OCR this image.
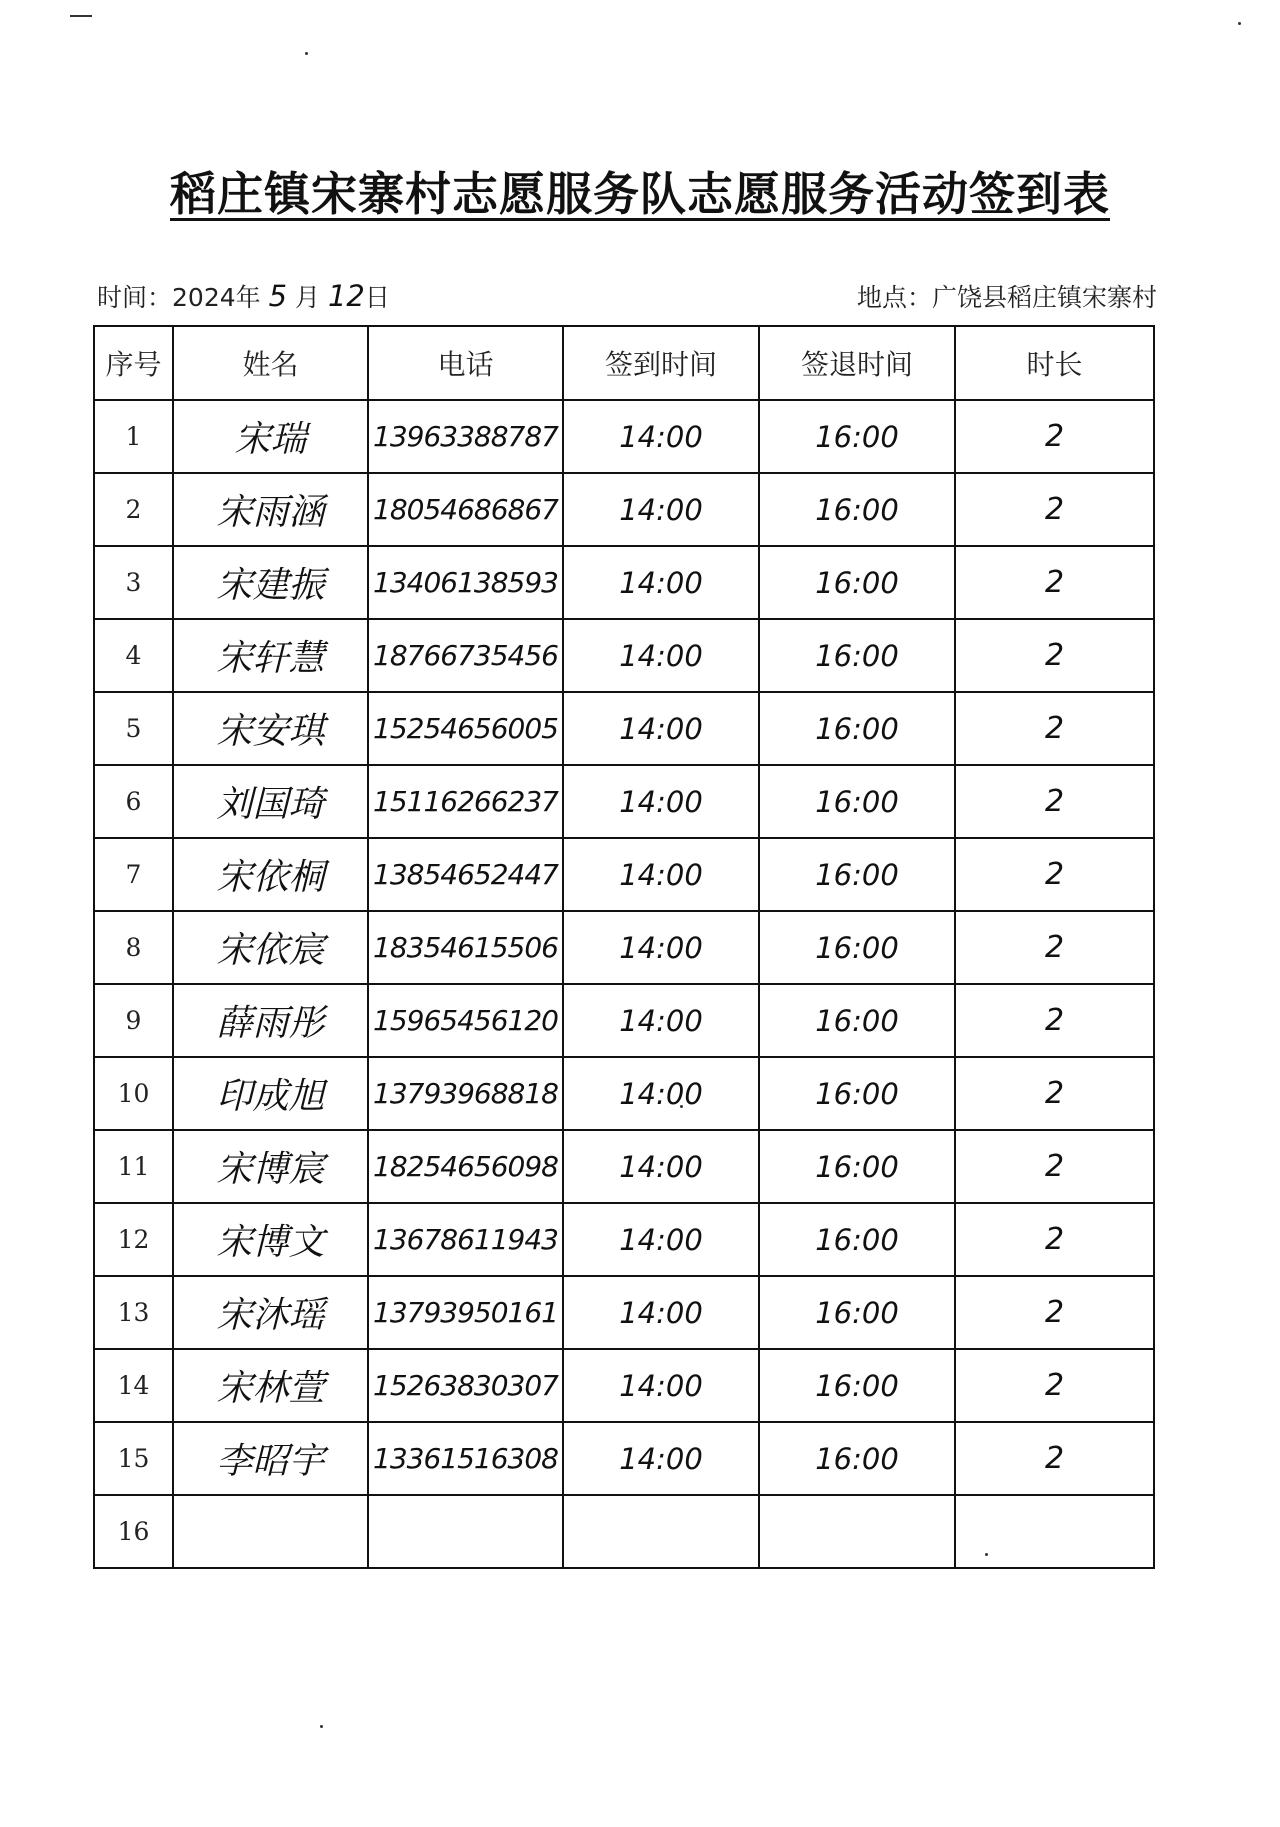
稻庄镇宋寨村志愿服务队志愿服务活动签到表
时间：2024年 5 月 12日	地点：广饶县稻庄镇宋寨村
序号	姓名	电话	签到时间	签退时间	时长
1	宋瑞	13963388787	14:00	16:00	2
2	宋雨涵	18054686867	14:00	16:00	2
3	宋建振	13406138593	14:00	16:00	2
4	宋轩慧	18766735456	14:00	16:00	2
5	宋安琪	15254656005	14:00	16:00	2
6	刘国琦	15116266237	14:00	16:00	2
7	宋依桐	13854652447	14:00	16:00	2
8	宋依宸	18354615506	14:00	16:00	2
9	薛雨彤	15965456120	14:00	16:00	2
10	印成旭	13793968818	14:00	16:00	2
11	宋博宸	18254656098	14:00	16:00	2
12	宋博文	13678611943	14:00	16:00	2
13	宋沐瑶	13793950161	14:00	16:00	2
14	宋林萱	15263830307	14:00	16:00	2
15	李昭宇	13361516308	14:00	16:00	2
16					
